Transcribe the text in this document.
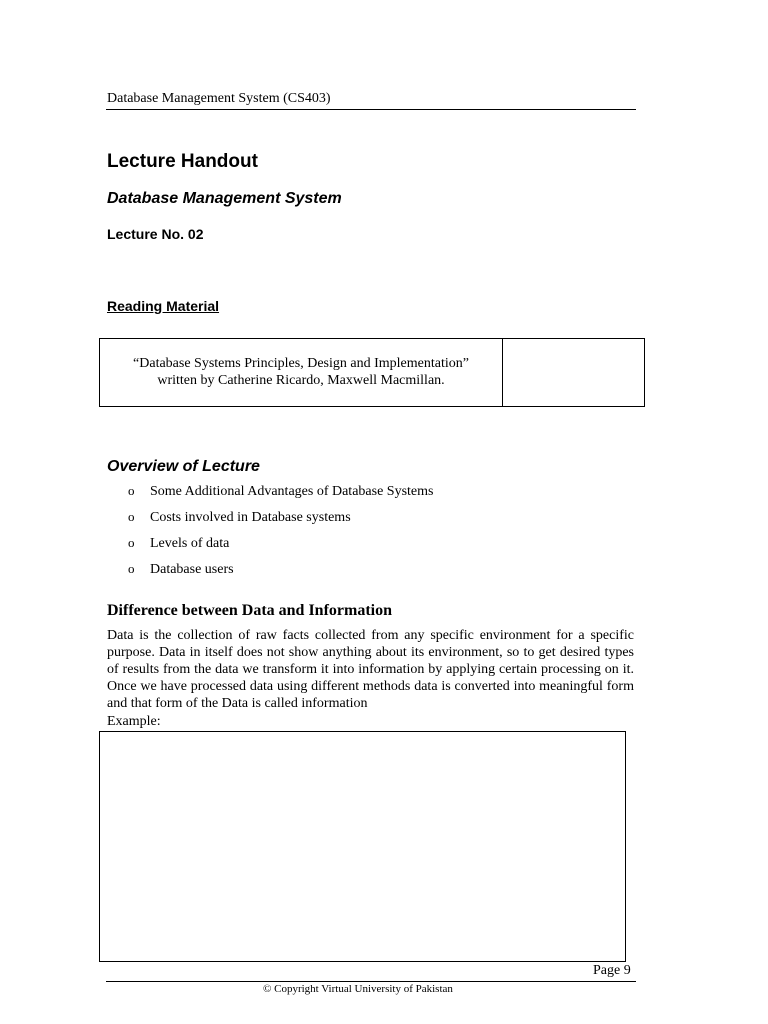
Database Management System (CS403)
Lecture Handout
Database Management System
Lecture No. 02
Reading Material
“Database Systems Principles, Design and Implementation”
written by Catherine Ricardo, Maxwell Macmillan.
Overview of Lecture
o Some Additional Advantages of Database Systems
o Costs involved in Database systems
o Levels of data
o Database users
Difference between Data and Information

Data is the collection of raw facts collected from any specific environment for a specific purpose. Data in itself does not show anything about its environment, so to get desired types of results from the data we transform it into information by applying certain processing on it. Once we have processed data using different methods data is converted into meaningful form and that form of the Data is called information

Example:
Page 9
© Copyright Virtual University of Pakistan
